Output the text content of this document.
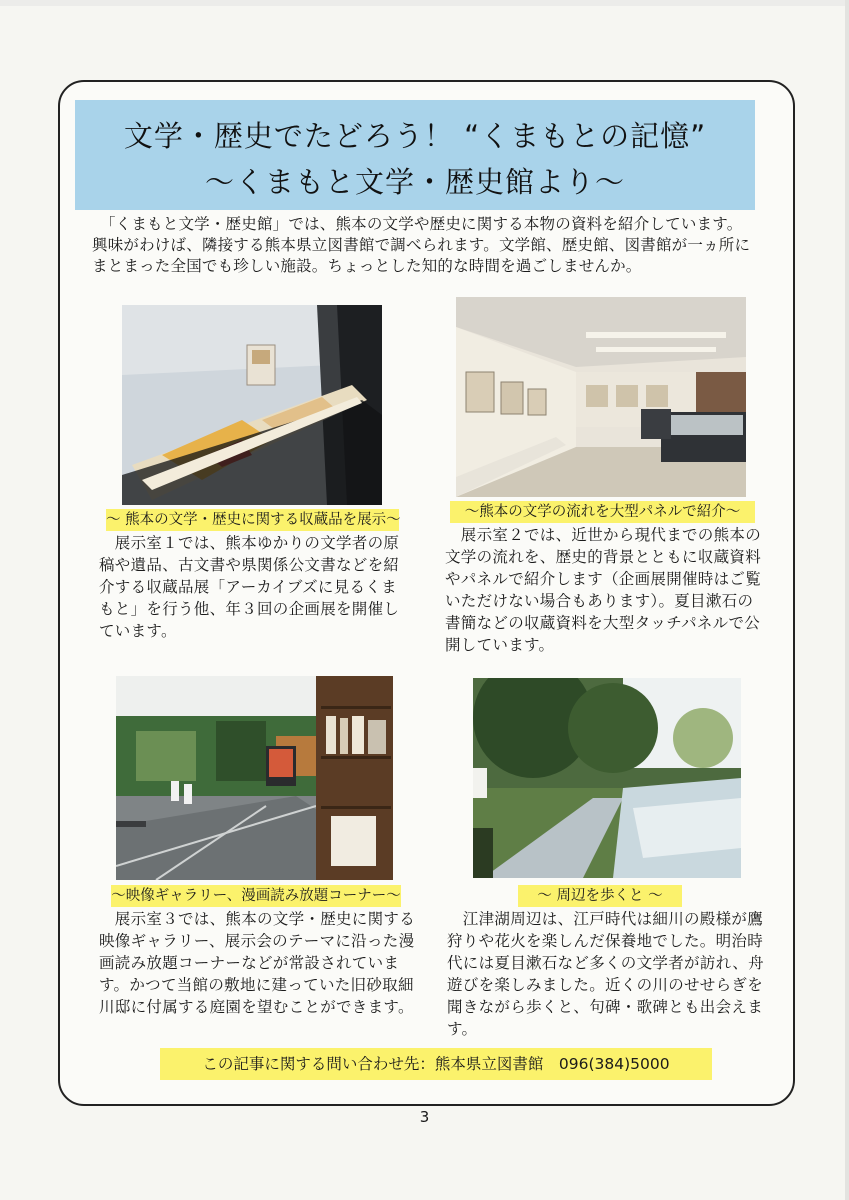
文学・歴史でたどろう！ “くまもとの記憶”
～くまもと文学・歴史館より～

　「くまもと文学・歴史館」では、熊本の文学や歴史に関する本物の資料を紹介しています。興味がわけば、隣接する熊本県立図書館で調べられます。文学館、歴史館、図書館が一ヵ所にまとまった全国でも珍しい施設。ちょっとした知的な時間を過ごしませんか。

～ 熊本の文学・歴史に関する収蔵品を展示～

　展示室１では、熊本ゆかりの文学者の原稿や遺品、古文書や県関係公文書などを紹介する収蔵品展「アーカイブズに見るくまもと」を行う他、年３回の企画展を開催しています。

～熊本の文学の流れを大型パネルで紹介～

　展示室２では、近世から現代までの熊本の文学の流れを、歴史的背景とともに収蔵資料やパネルで紹介します（企画展開催時はご覧いただけない場合もあります）。夏目漱石の書簡などの収蔵資料を大型タッチパネルで公開しています。

～映像ギャラリー、漫画読み放題コーナー～

　展示室３では、熊本の文学・歴史に関する映像ギャラリー、展示会のテーマに沿った漫画読み放題コーナーなどが常設されています。かつて当館の敷地に建っていた旧砂取細川邸に付属する庭園を望むことができます。

～ 周辺を歩くと ～

　江津湖周辺は、江戸時代は細川の殿様が鷹狩りや花火を楽しんだ保養地でした。明治時代には夏目漱石など多くの文学者が訪れ、舟遊びを楽しみました。近くの川のせせらぎを聞きながら歩くと、句碑・歌碑とも出会えます。

この記事に関する問い合わせ先：熊本県立図書館　096(384)5000
3
